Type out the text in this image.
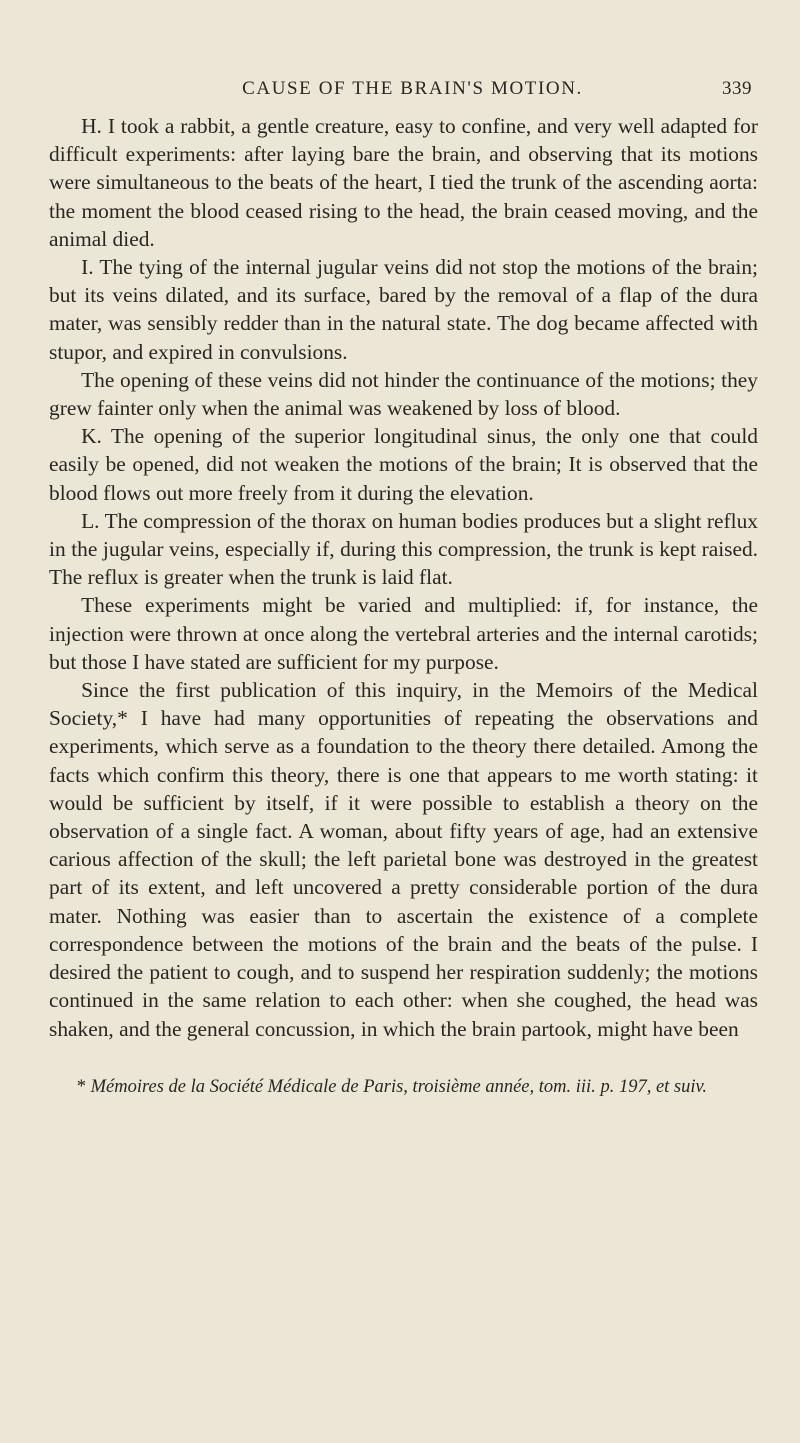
CAUSE OF THE BRAIN'S MOTION.	339

H. I took a rabbit, a gentle creature, easy to confine, and very well adapted for difficult experiments: after laying bare the brain, and observing that its motions were simultaneous to the beats of the heart, I tied the trunk of the ascending aorta: the moment the blood ceased rising to the head, the brain ceased moving, and the animal died.

I. The tying of the internal jugular veins did not stop the motions of the brain; but its veins dilated, and its surface, bared by the removal of a flap of the dura mater, was sensibly redder than in the natural state. The dog became affected with stupor, and expired in convulsions.

The opening of these veins did not hinder the continuance of the motions; they grew fainter only when the animal was weakened by loss of blood.

K. The opening of the superior longitudinal sinus, the only one that could easily be opened, did not weaken the motions of the brain; It is observed that the blood flows out more freely from it during the elevation.

L. The compression of the thorax on human bodies produces but a slight reflux in the jugular veins, especially if, during this compression, the trunk is kept raised. The reflux is greater when the trunk is laid flat.

These experiments might be varied and multiplied: if, for instance, the injection were thrown at once along the vertebral arteries and the internal carotids; but those I have stated are sufficient for my purpose.

Since the first publication of this inquiry, in the Memoirs of the Medical Society,* I have had many opportunities of repeating the observations and experiments, which serve as a foundation to the theory there detailed. Among the facts which confirm this theory, there is one that appears to me worth stating: it would be sufficient by itself, if it were possible to establish a theory on the observation of a single fact. A woman, about fifty years of age, had an extensive carious affection of the skull; the left parietal bone was destroyed in the greatest part of its extent, and left uncovered a pretty considerable portion of the dura mater. Nothing was easier than to ascertain the existence of a complete correspondence between the motions of the brain and the beats of the pulse. I desired the patient to cough, and to suspend her respiration suddenly; the motions continued in the same relation to each other: when she coughed, the head was shaken, and the general concussion, in which the brain partook, might have been

* Mémoires de la Société Médicale de Paris, troisième année, tom. iii. p. 197, et suiv.
